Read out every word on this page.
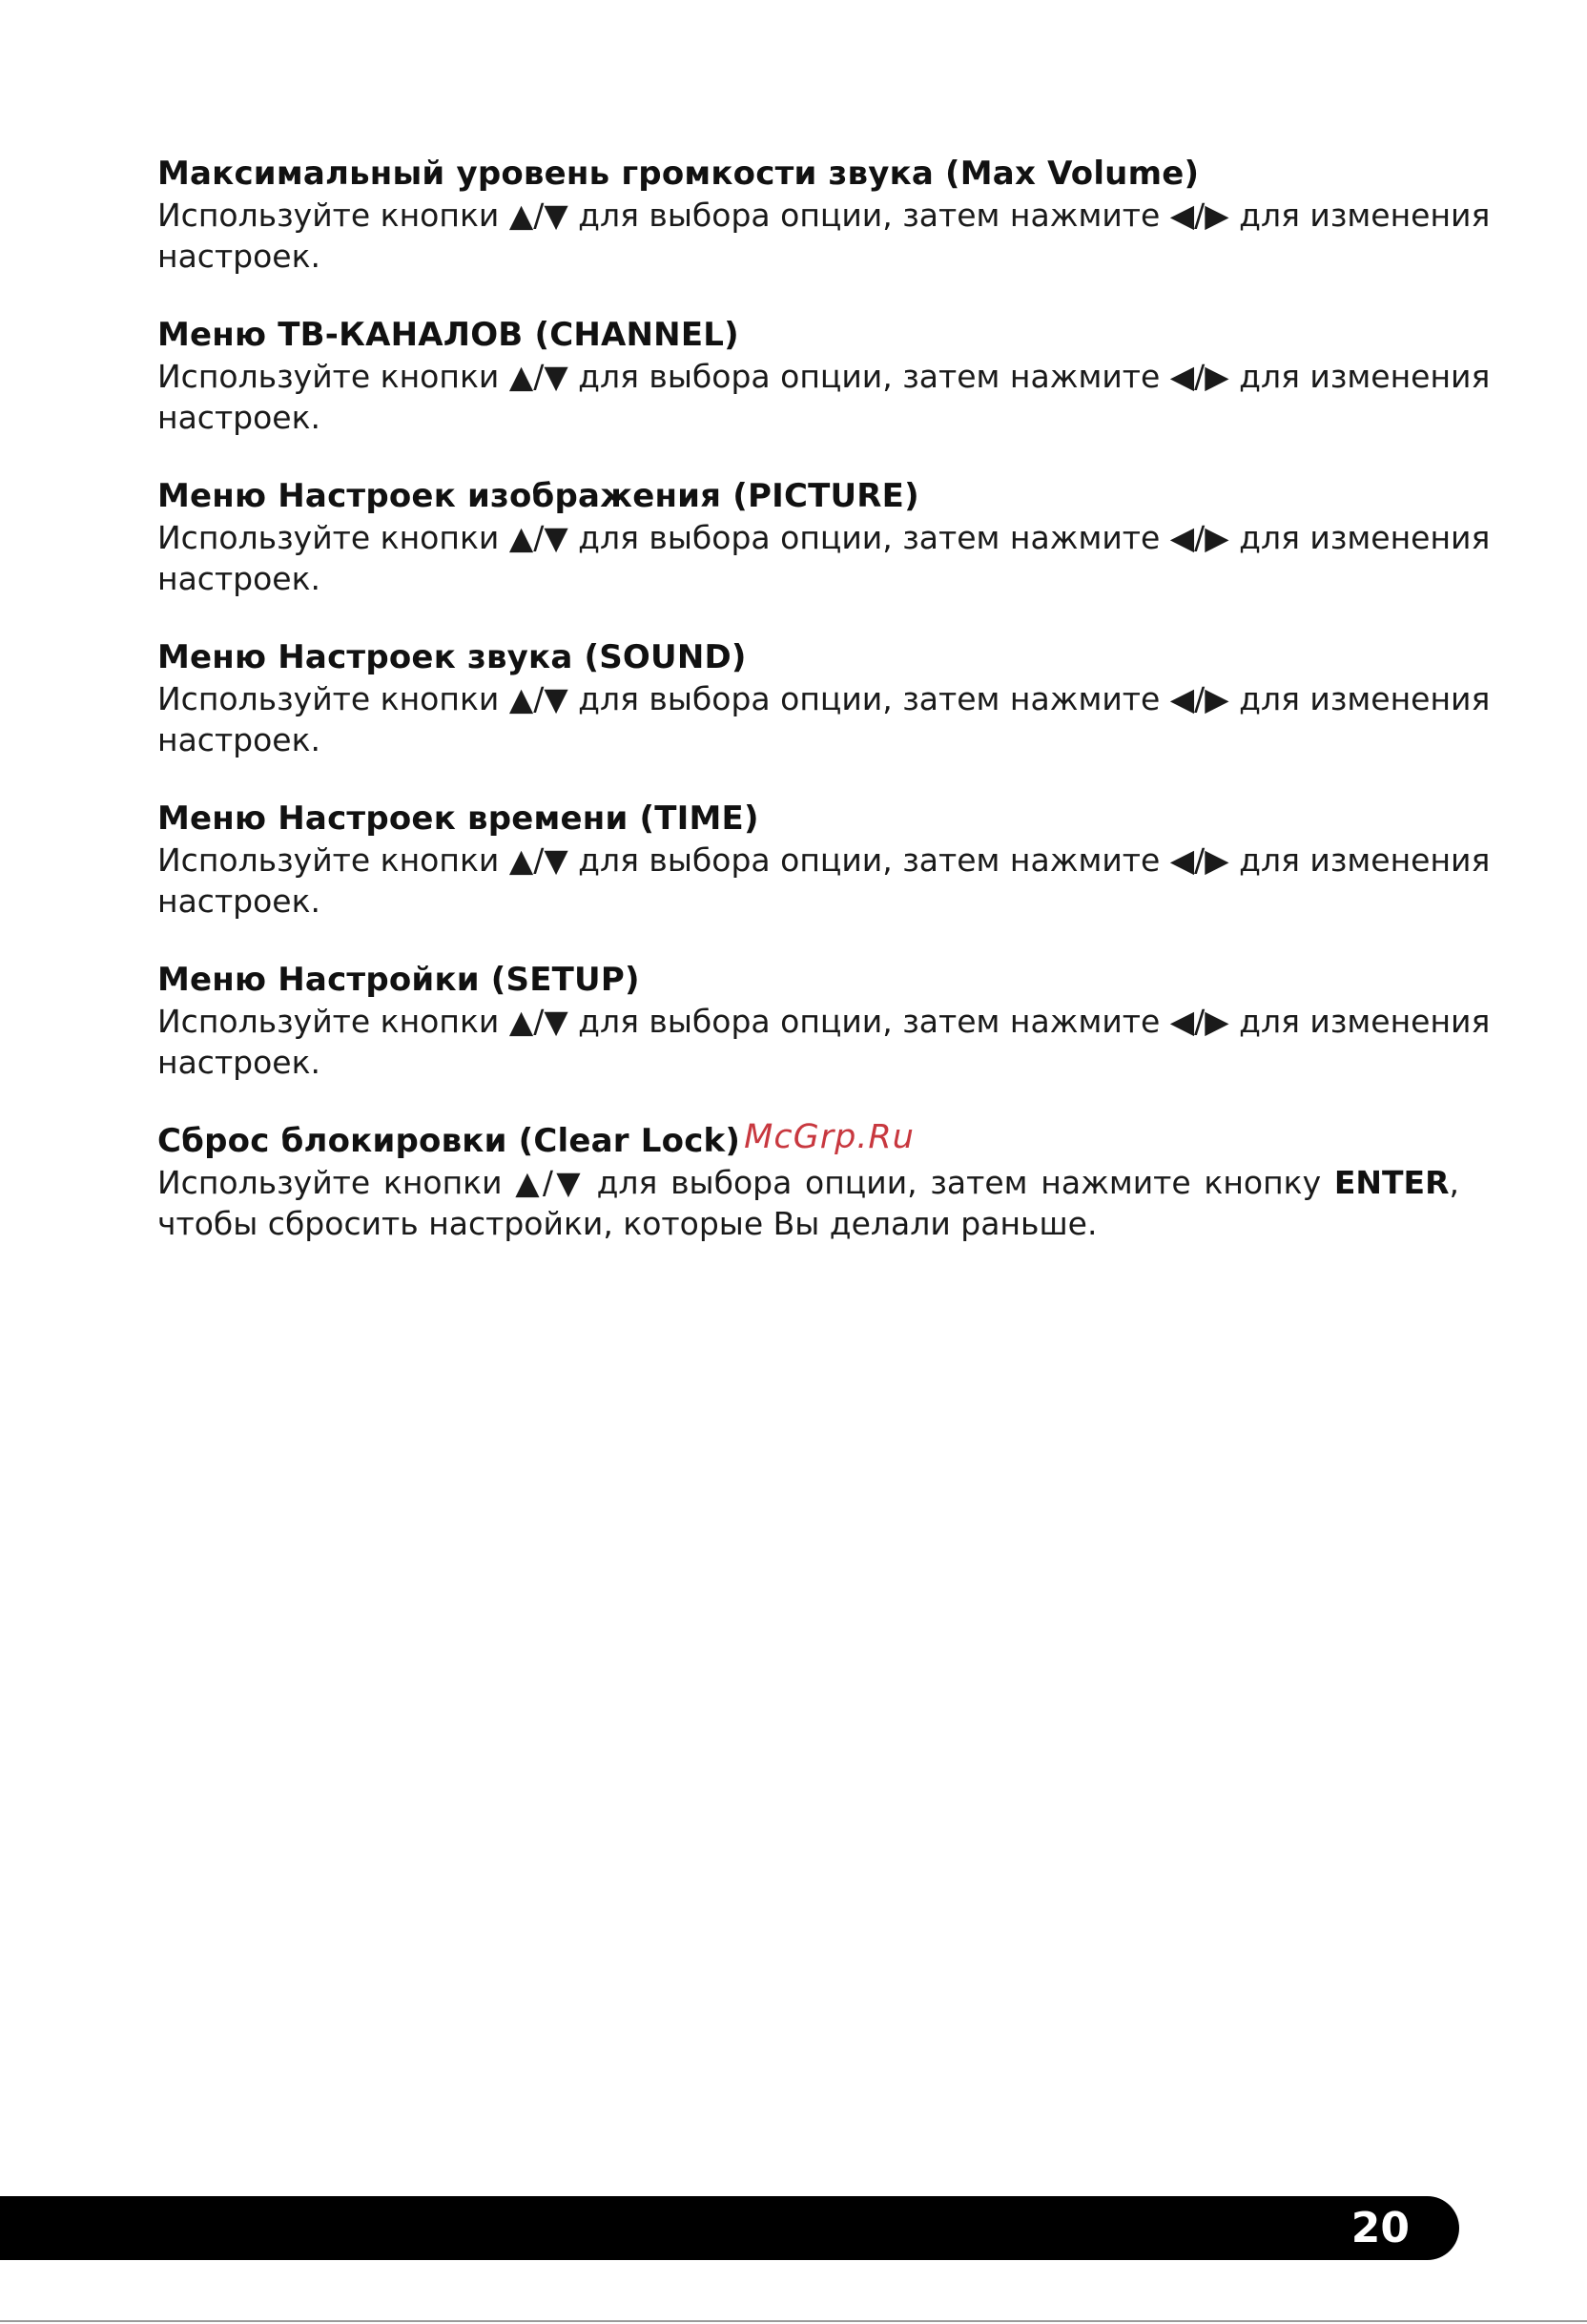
Максимальный уровень громкости звука (Max Volume)

Используйте кнопки ▲/▼ для выбора опции, затем нажмите ◀/▶ для изменения
настроек.

Меню ТВ-КАНАЛОВ (CHANNEL)

Используйте кнопки ▲/▼ для выбора опции, затем нажмите ◀/▶ для изменения
настроек.

Меню Настроек изображения (PICTURE)

Используйте кнопки ▲/▼ для выбора опции, затем нажмите ◀/▶ для изменения
настроек.

Меню Настроек звука (SOUND)

Используйте кнопки ▲/▼ для выбора опции, затем нажмите ◀/▶ для изменения
настроек.

Меню Настроек времени (TIME)

Используйте кнопки ▲/▼ для выбора опции, затем нажмите ◀/▶ для изменения
настроек.

Меню Настройки (SETUP)

Используйте кнопки ▲/▼ для выбора опции, затем нажмите ◀/▶ для изменения
настроек.

Сброс блокировки (Clear Lock) McGrp.Ru

Используйте кнопки ▲/▼ для выбора опции, затем нажмите кнопку ENTER, чтобы сбросить настройки, которые Вы делали раньше.

20
